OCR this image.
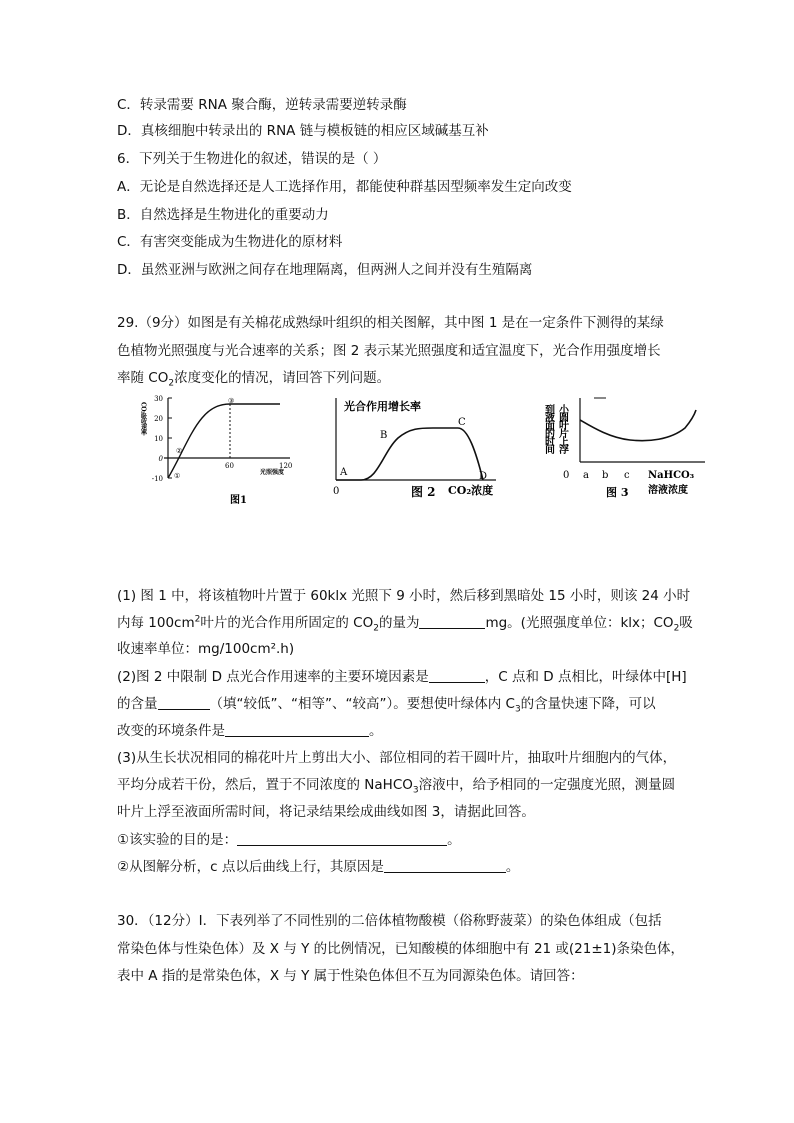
C．转录需要 RNA 聚合酶，逆转录需要逆转录酶
D．真核细胞中转录出的 RNA 链与模板链的相应区域碱基互补
6．下列关于生物进化的叙述，错误的是（ ）
A．无论是自然选择还是人工选择作用，都能使种群基因型频率发生定向改变
B．自然选择是生物进化的重要动力
C．有害突变能成为生物进化的原材料
D．虽然亚洲与欧洲之间存在地理隔离，但两洲人之间并没有生殖隔离
29.（9分）如图是有关棉花成熟绿叶组织的相关图解，其中图 1 是在一定条件下测得的某绿
色植物光照强度与光合速率的关系；图 2 表示某光照强度和适宜温度下，光合作用强度增长
率随 $CO_2$浓度变化的情况，请回答下列问题。
30
20
10
0
-10
CO₂吸收速率
①
②
③
60	120
光照强度
图1
光合作用增长率
A
B
C
D
0	CO₂浓度
图 2
到液面的时间 小圆叶片上浮
0 a b c NaHCO₃
溶液浓度
图 3
(1) 图 1 中，将该植物叶片置于 60klx 光照下 9 小时，然后移到黑暗处 15 小时，则该 24 小时
内每 $100cm^2$叶片的光合作用所固定的 $CO_2$的量为	mg。(光照强度单位：klx；$CO_2$吸
收速率单位：mg/100cm².h)
(2)图 2 中限制 D 点光合作用速率的主要环境因素是	，C 点和 D 点相比，叶绿体中[H]
的含量	（填“较低”、“相等”、“较高”）。要想使叶绿体内 $C_3$的含量快速下降，可以
改变的环境条件是	。
(3)从生长状况相同的棉花叶片上剪出大小、部位相同的若干圆叶片，抽取叶片细胞内的气体，
平均分成若干份，然后，置于不同浓度的 NaHCO$_3$溶液中，给予相同的一定强度光照，测量圆
叶片上浮至液面所需时间，将记录结果绘成曲线如图 3，请据此回答。
①该实验的目的是：	。
②从图解分析，c 点以后曲线上行，其原因是	。
30．（12分）I．下表列举了不同性别的二倍体植物酸模（俗称野菠菜）的染色体组成（包括
常染色体与性染色体）及 X 与 Y 的比例情况，已知酸模的体细胞中有 21 或(21±1)条染色体，
表中 A 指的是常染色体，X 与 Y 属于性染色体但不互为同源染色体。请回答：
